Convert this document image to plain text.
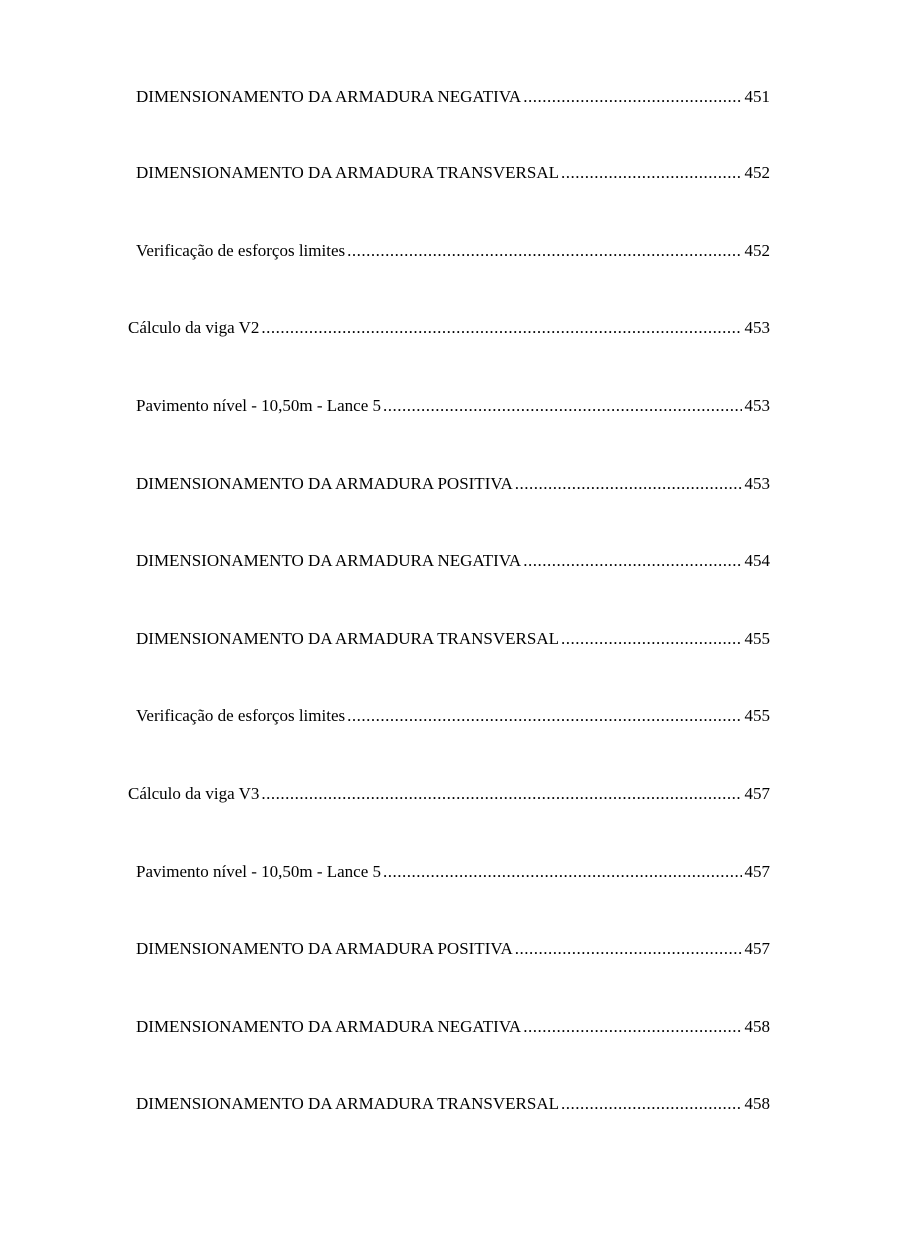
DIMENSIONAMENTO DA ARMADURA NEGATIVA .....	451
DIMENSIONAMENTO DA ARMADURA TRANSVERSAL .....	452
Verificação de esforços limites .....	452
Cálculo da viga V2 .....	453
Pavimento nível - 10,50m - Lance 5 .....	453
DIMENSIONAMENTO DA ARMADURA POSITIVA .....	453
DIMENSIONAMENTO DA ARMADURA NEGATIVA .....	454
DIMENSIONAMENTO DA ARMADURA TRANSVERSAL .....	455
Verificação de esforços limites .....	455
Cálculo da viga V3 .....	457
Pavimento nível - 10,50m - Lance 5 .....	457
DIMENSIONAMENTO DA ARMADURA POSITIVA .....	457
DIMENSIONAMENTO DA ARMADURA NEGATIVA .....	458
DIMENSIONAMENTO DA ARMADURA TRANSVERSAL .....	458
